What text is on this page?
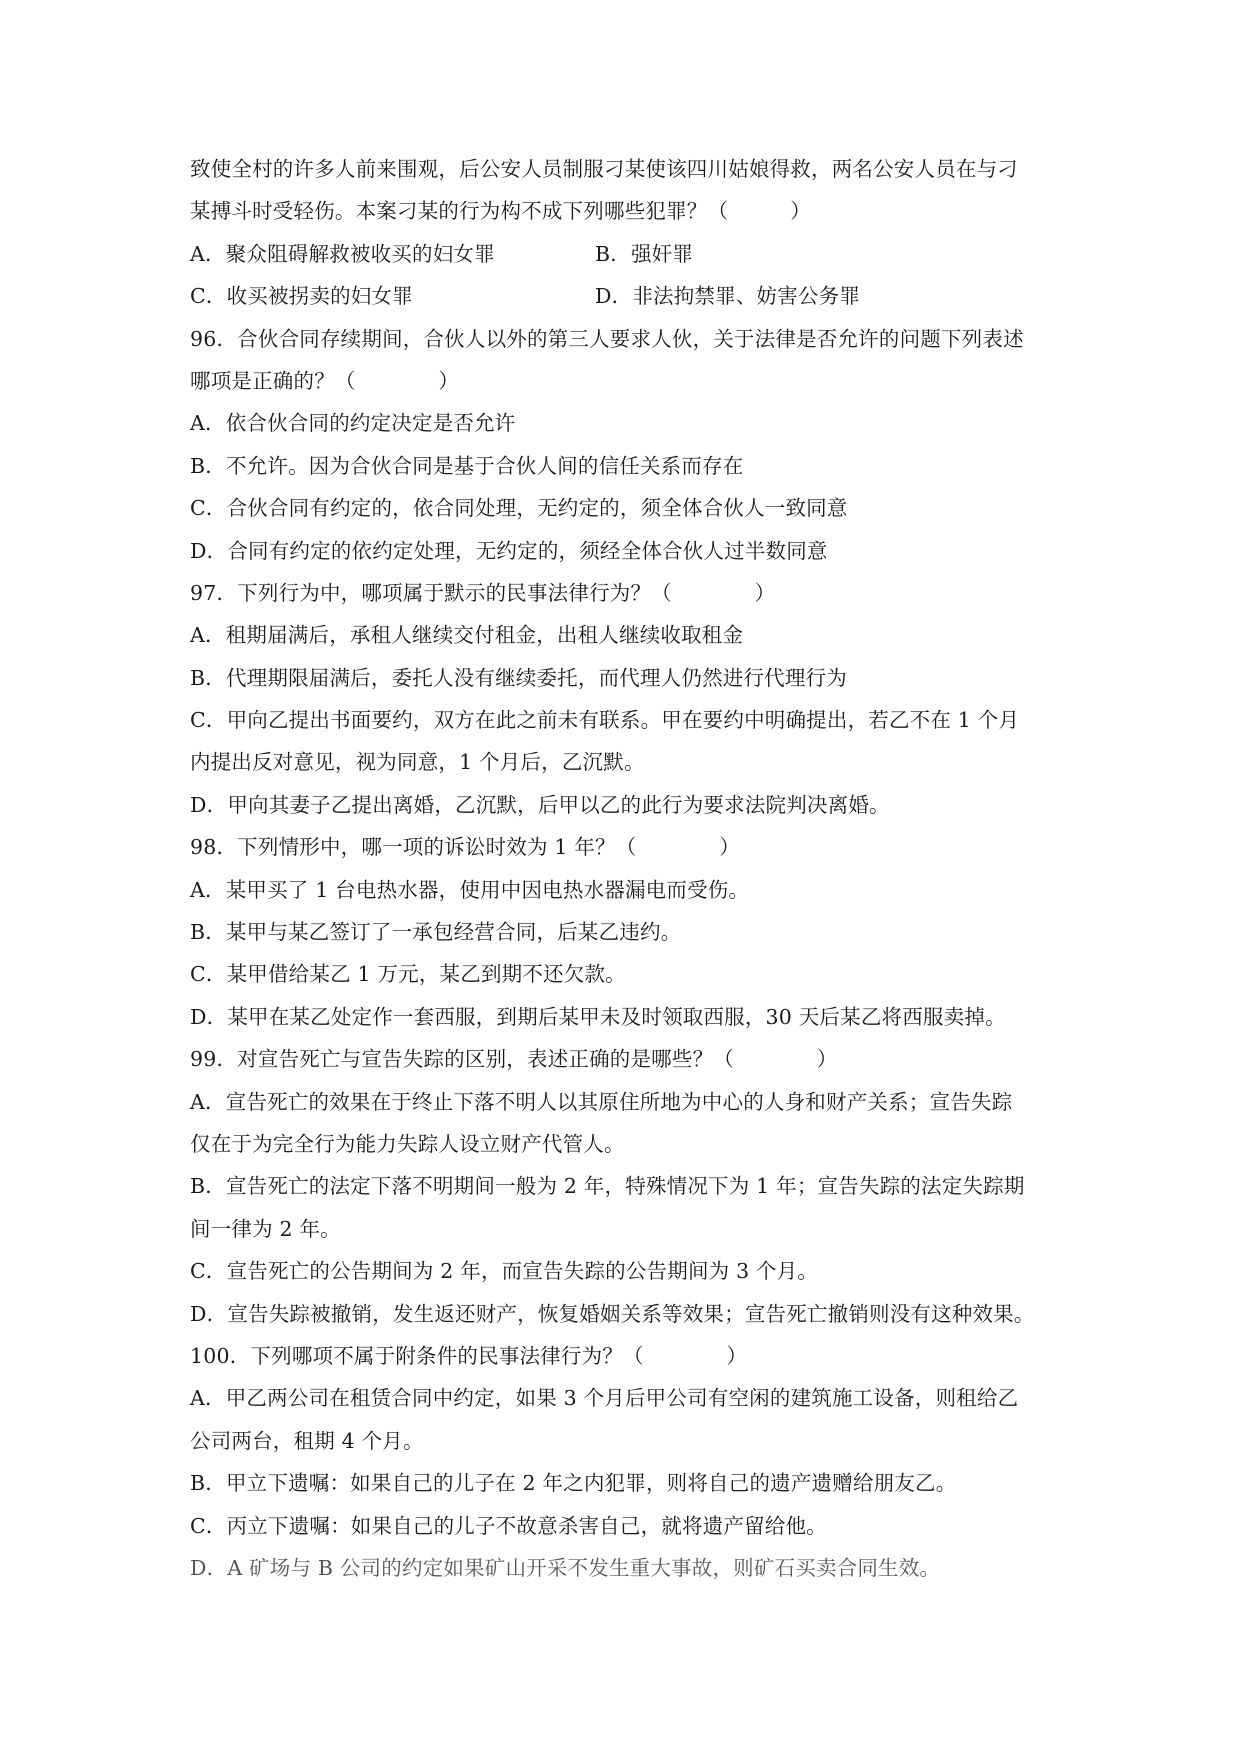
致使全村的许多人前来围观，后公安人员制服刁某使该四川姑娘得救，两名公安人员在与刁
某搏斗时受轻伤。本案刁某的行为构不成下列哪些犯罪？（　　　）
A．聚众阻碍解救被收买的妇女罪	B．强奸罪
C．收买被拐卖的妇女罪	D．非法拘禁罪、妨害公务罪
96．合伙合同存续期间，合伙人以外的第三人要求人伙，关于法律是否允许的问题下列表述
哪项是正确的？（　　　　）
A．依合伙合同的约定决定是否允许
B．不允许。因为合伙合同是基于合伙人间的信任关系而存在
C．合伙合同有约定的，依合同处理，无约定的，须全体合伙人一致同意
D．合同有约定的依约定处理，无约定的，须经全体合伙人过半数同意
97．下列行为中，哪项属于默示的民事法律行为？（　　　　）
A．租期届满后，承租人继续交付租金，出租人继续收取租金
B．代理期限届满后，委托人没有继续委托，而代理人仍然进行代理行为
C．甲向乙提出书面要约，双方在此之前未有联系。甲在要约中明确提出，若乙不在 1 个月
内提出反对意见，视为同意，1 个月后，乙沉默。
D．甲向其妻子乙提出离婚，乙沉默，后甲以乙的此行为要求法院判决离婚。
98．下列情形中，哪一项的诉讼时效为 1 年？（　　　　）
A．某甲买了 1 台电热水器，使用中因电热水器漏电而受伤。
B．某甲与某乙签订了一承包经营合同，后某乙违约。
C．某甲借给某乙 1 万元，某乙到期不还欠款。
D．某甲在某乙处定作一套西服，到期后某甲未及时领取西服，30 天后某乙将西服卖掉。
99．对宣告死亡与宣告失踪的区别，表述正确的是哪些？（　　　　）
A．宣告死亡的效果在于终止下落不明人以其原住所地为中心的人身和财产关系；宣告失踪
仅在于为完全行为能力失踪人设立财产代管人。
B．宣告死亡的法定下落不明期间一般为 2 年，特殊情况下为 1 年；宣告失踪的法定失踪期
间一律为 2 年。
C．宣告死亡的公告期间为 2 年，而宣告失踪的公告期间为 3 个月。
D．宣告失踪被撤销，发生返还财产，恢复婚姻关系等效果；宣告死亡撤销则没有这种效果。
100．下列哪项不属于附条件的民事法律行为？（　　　　）
A．甲乙两公司在租赁合同中约定，如果 3 个月后甲公司有空闲的建筑施工设备，则租给乙
公司两台，租期 4 个月。
B．甲立下遗嘱：如果自己的儿子在 2 年之内犯罪，则将自己的遗产遗赠给朋友乙。
C．丙立下遗嘱：如果自己的儿子不故意杀害自己，就将遗产留给他。
D．A 矿场与 B 公司的约定如果矿山开采不发生重大事故，则矿石买卖合同生效。
